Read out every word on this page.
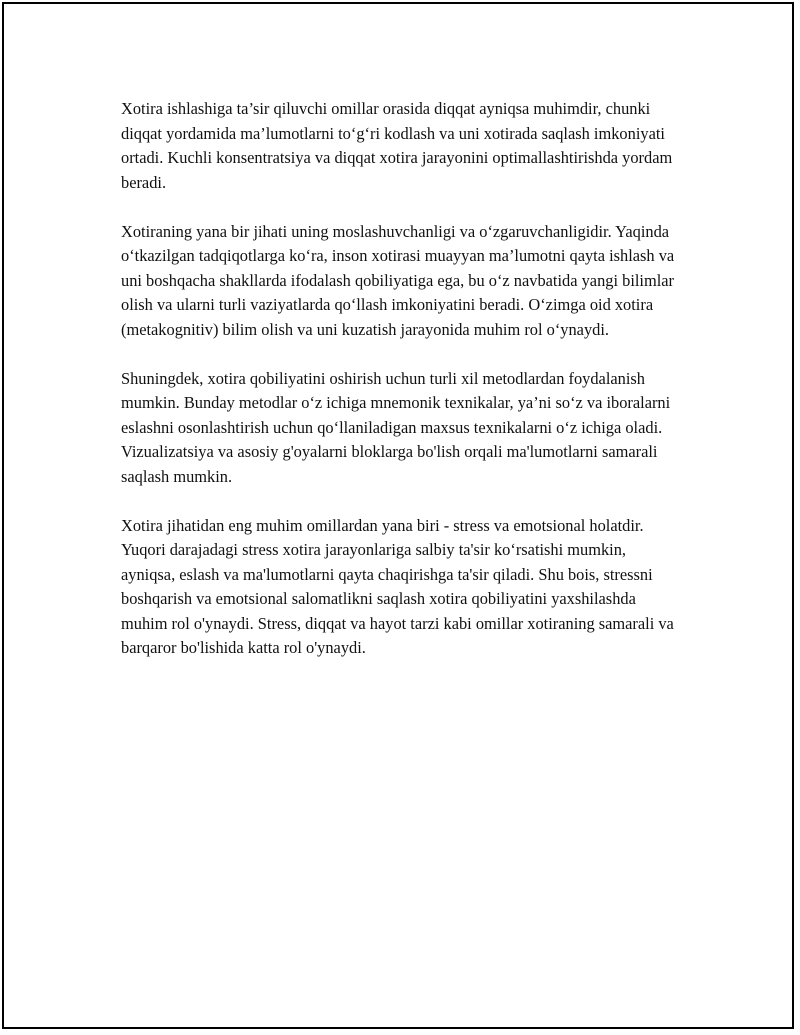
Xotira ishlashiga ta’sir qiluvchi omillar orasida diqqat ayniqsa muhimdir, chunki diqqat yordamida ma’lumotlarni to‘g‘ri kodlash va uni xotirada saqlash imkoniyati ortadi. Kuchli konsentratsiya va diqqat xotira jarayonini optimallashtirishda yordam beradi.

Xotiraning yana bir jihati uning moslashuvchanligi va o‘zgaruvchanligidir. Yaqinda o‘tkazilgan tadqiqotlarga ko‘ra, inson xotirasi muayyan ma’lumotni qayta ishlash va uni boshqacha shakllarda ifodalash qobiliyatiga ega, bu o‘z navbatida yangi bilimlar olish va ularni turli vaziyatlarda qo‘llash imkoniyatini beradi. O‘zimga oid xotira (metakognitiv) bilim olish va uni kuzatish jarayonida muhim rol o‘ynaydi.

Shuningdek, xotira qobiliyatini oshirish uchun turli xil metodlardan foydalanish mumkin. Bunday metodlar o‘z ichiga mnemonik texnikalar, ya’ni so‘z va iboralarni eslashni osonlashtirish uchun qo‘llaniladigan maxsus texnikalarni o‘z ichiga oladi. Vizualizatsiya va asosiy g'oyalarni bloklarga bo'lish orqali ma'lumotlarni samarali saqlash mumkin.

Xotira jihatidan eng muhim omillardan yana biri - stress va emotsional holatdir. Yuqori darajadagi stress xotira jarayonlariga salbiy ta'sir ko‘rsatishi mumkin, ayniqsa, eslash va ma'lumotlarni qayta chaqirishga ta'sir qiladi. Shu bois, stressni boshqarish va emotsional salomatlikni saqlash xotira qobiliyatini yaxshilashda muhim rol o'ynaydi. Stress, diqqat va hayot tarzi kabi omillar xotiraning samarali va barqaror bo'lishida katta rol o'ynaydi.
